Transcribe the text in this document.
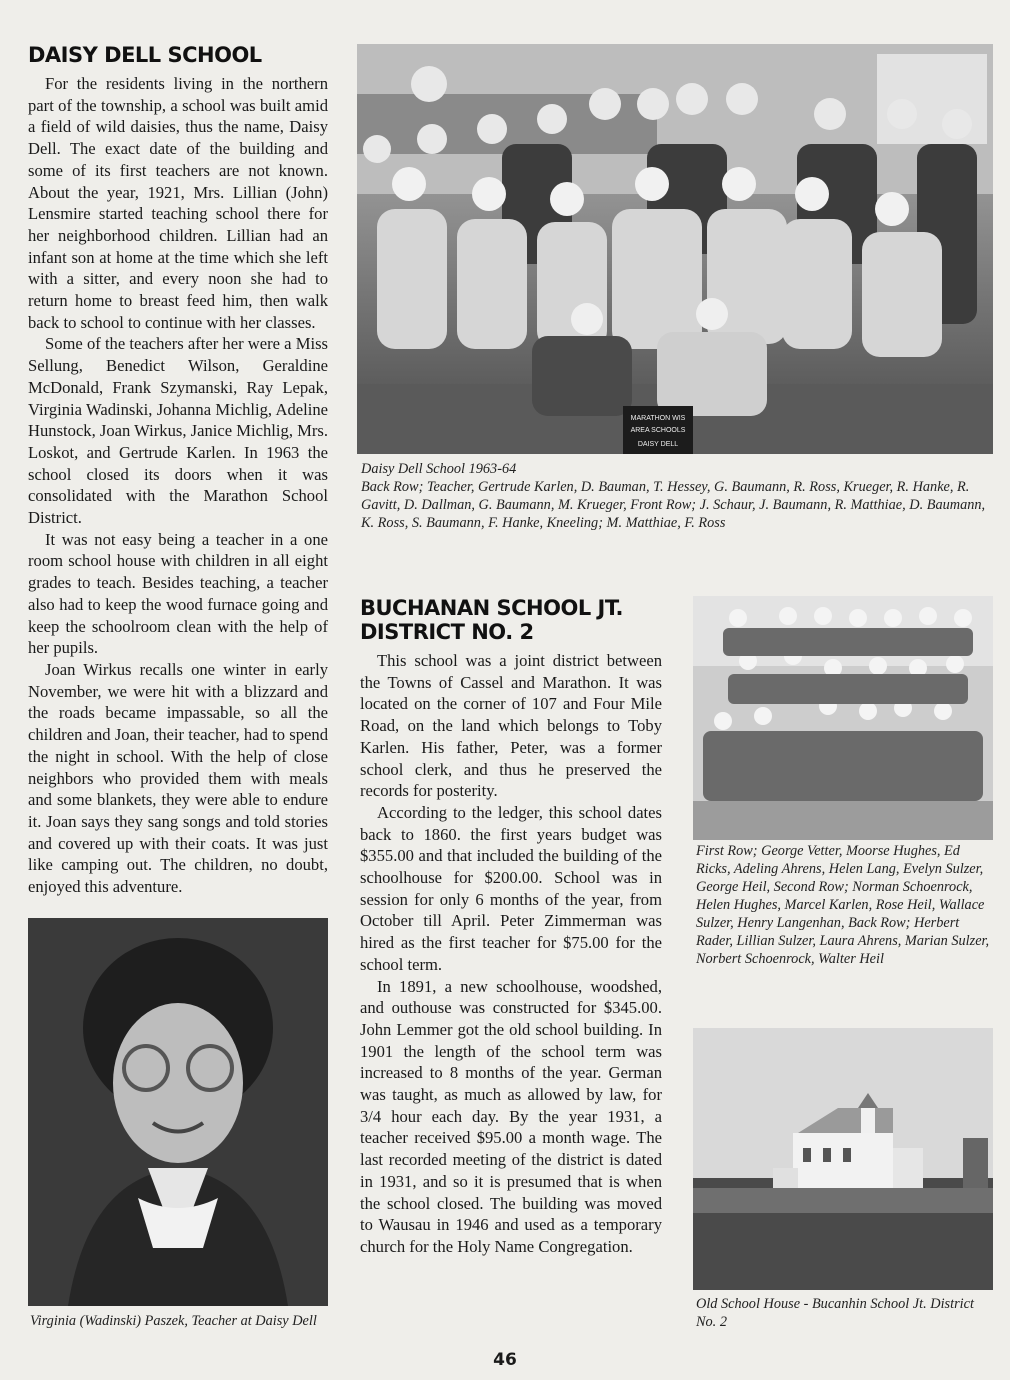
DAISY DELL SCHOOL

For the residents living in the northern part of the township, a school was built amid a field of wild daisies, thus the name, Daisy Dell. The exact date of the building and some of its first teachers are not known. About the year, 1921, Mrs. Lillian (John) Lensmire started teaching school there for her neighborhood children. Lillian had an infant son at home at the time which she left with a sitter, and every noon she had to return home to breast feed him, then walk back to school to continue with her classes.

Some of the teachers after her were a Miss Sellung, Benedict Wilson, Geraldine McDonald, Frank Szymanski, Ray Lepak, Virginia Wadinski, Johanna Michlig, Adeline Hunstock, Joan Wirkus, Janice Michlig, Mrs. Loskot, and Gertrude Karlen. In 1963 the school closed its doors when it was consolidated with the Marathon School District.

It was not easy being a teacher in a one room school house with children in all eight grades to teach. Besides teaching, a teacher also had to keep the wood furnace going and keep the schoolroom clean with the help of her pupils.

Joan Wirkus recalls one winter in early November, we were hit with a blizzard and the roads became impassable, so all the children and Joan, their teacher, had to spend the night in school. With the help of close neighbors who provided them with meals and some blankets, they were able to endure it. Joan says they sang songs and told stories and covered up with their coats. It was just like camping out. The children, no doubt, enjoyed this adventure.

MARATHON WIS
AREA SCHOOLS
DAISY DELL
Daisy Dell School 1963-64
Back Row; Teacher, Gertrude Karlen, D. Bauman, T. Hessey, G. Baumann, R. Ross, Krueger, R. Hanke, R. Gavitt, D. Dallman, G. Baumann, M. Krueger, Front Row; J. Schaur, J. Baumann, R. Matthiae, D. Baumann, K. Ross, S. Baumann, F. Hanke, Kneeling; M. Matthiae, F. Ross
Virginia (Wadinski) Paszek, Teacher at Daisy Dell
BUCHANAN SCHOOL JT.
DISTRICT NO. 2

This school was a joint district between the Towns of Cassel and Marathon. It was located on the corner of 107 and Four Mile Road, on the land which belongs to Toby Karlen. His father, Peter, was a former school clerk, and thus he preserved the records for posterity.

According to the ledger, this school dates back to 1860. the first years budget was $355.00 and that included the building of the schoolhouse for $200.00. School was in session for only 6 months of the year, from October till April. Peter Zimmerman was hired as the first teacher for $75.00 for the school term.

In 1891, a new schoolhouse, woodshed, and outhouse was constructed for $345.00. John Lemmer got the old school building. In 1901 the length of the school term was increased to 8 months of the year. German was taught, as much as allowed by law, for 3/4 hour each day. By the year 1931, a teacher received $95.00 a month wage. The last recorded meeting of the district is dated in 1931, and so it is presumed that is when the school closed. The building was moved to Wausau in 1946 and used as a temporary church for the Holy Name Congregation.

First Row; George Vetter, Moorse Hughes, Ed Ricks, Adeling Ahrens, Helen Lang, Evelyn Sulzer, George Heil, Second Row; Norman Schoenrock, Helen Hughes, Marcel Karlen, Rose Heil, Wallace Sulzer, Henry Langenhan, Back Row; Herbert Rader, Lillian Sulzer, Laura Ahrens, Marian Sulzer, Norbert Schoenrock, Walter Heil
Old School House - Bucanhin School Jt. District No. 2
46
